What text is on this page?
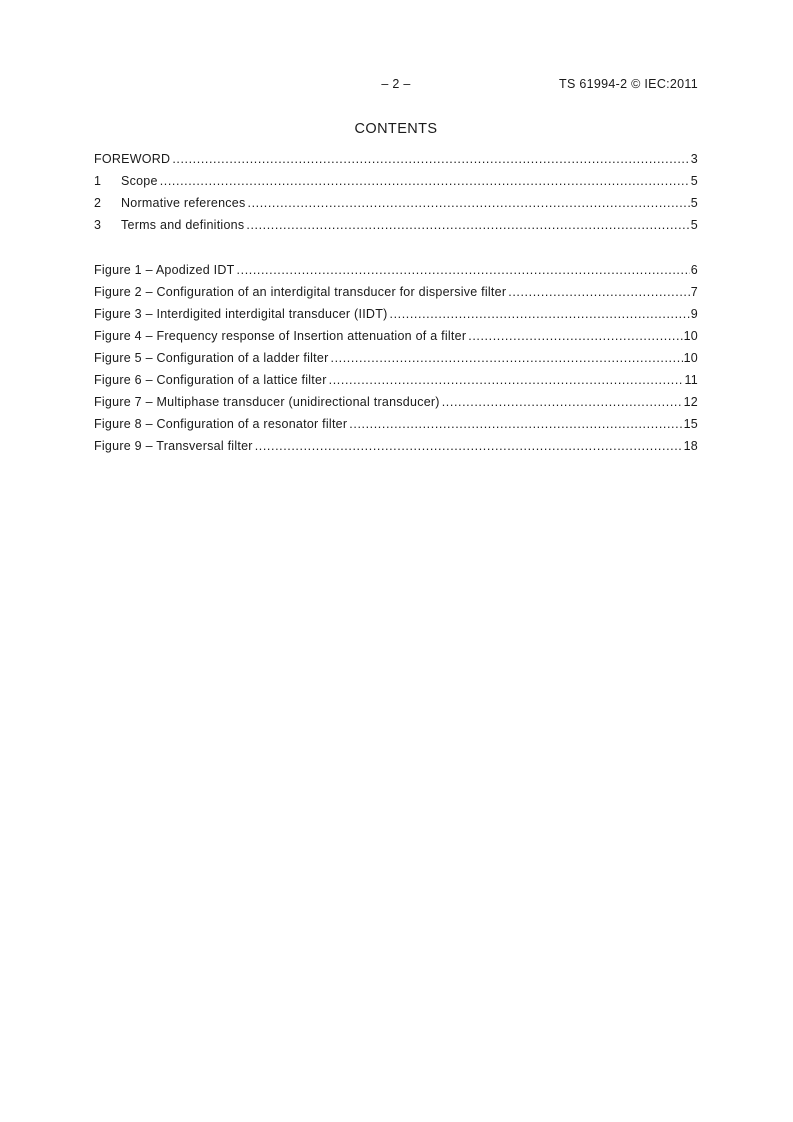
– 2 –	TS 61994-2 © IEC:2011
CONTENTS
FOREWORD .....	3
1	Scope .....	5
2	Normative references .....	5
3	Terms and definitions .....	5
Figure 1 – Apodized IDT .....	6
Figure 2 – Configuration of an interdigital transducer for dispersive filter .....	7
Figure 3 – Interdigited interdigital transducer (IIDT) .....	9
Figure 4 – Frequency response of Insertion attenuation of a filter .....	10
Figure 5 – Configuration of a ladder filter .....	10
Figure 6 – Configuration of a lattice filter .....	11
Figure 7 – Multiphase transducer (unidirectional transducer) .....	12
Figure 8 – Configuration of a resonator filter .....	15
Figure 9 – Transversal filter .....	18
